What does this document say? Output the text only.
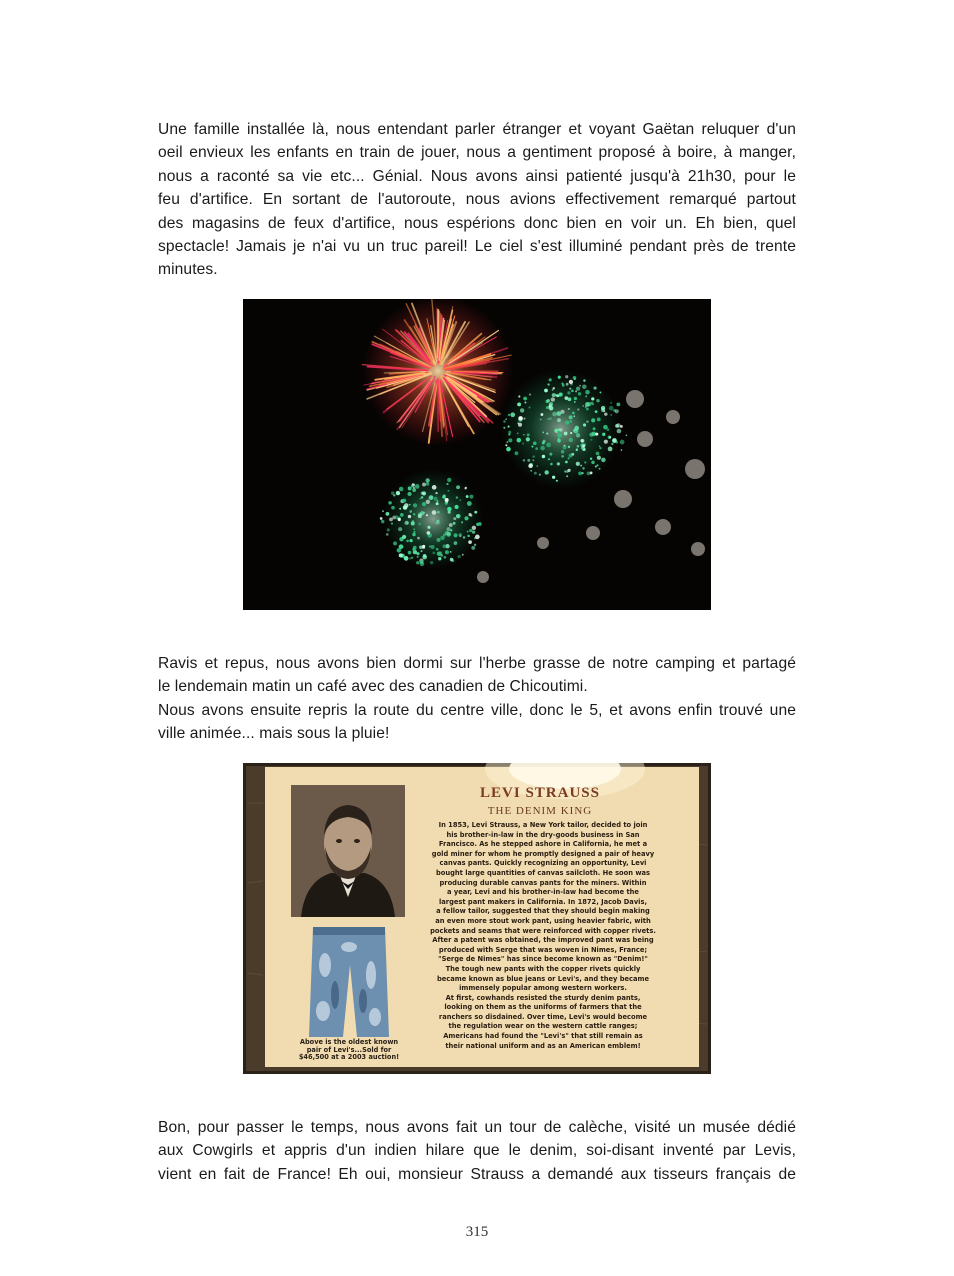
Une famille installée là, nous entendant parler étranger et voyant Gaëtan reluquer d'un
oeil envieux les enfants en train de jouer, nous a gentiment proposé à boire, à manger,
nous a raconté sa vie etc... Génial. Nous avons ainsi patienté jusqu'à 21h30, pour le
feu d'artifice. En sortant de l'autoroute, nous avions effectivement remarqué partout
des magasins de feux d'artifice, nous espérions donc bien en voir un. Eh bien, quel
spectacle! Jamais je n'ai vu un truc pareil! Le ciel s'est illuminé pendant près de trente
minutes.
Ravis et repus, nous avons bien dormi sur l'herbe grasse de notre camping et partagé
le lendemain matin un café avec des canadien de Chicoutimi.
Nous avons ensuite repris la route du centre ville, donc le 5, et avons enfin trouvé une
ville animée... mais sous la pluie!
Above is the oldest known
pair of Levi's...Sold for
$46,500 at a 2003 auction!
LEVI STRAUSS
THE DENIM KING
In 1853, Levi Strauss, a New York tailor, decided to join
his brother-in-law in the dry-goods business in San
Francisco. As he stepped ashore in California, he met a
gold miner for whom he promptly designed a pair of heavy
canvas pants. Quickly recognizing an opportunity, Levi
bought large quantities of canvas sailcloth. He soon was
producing durable canvas pants for the miners. Within
a year, Levi and his brother-in-law had become the
largest pant makers in California. In 1872, Jacob Davis,
a fellow tailor, suggested that they should begin making
an even more stout work pant, using heavier fabric, with
pockets and seams that were reinforced with copper rivets.
After a patent was obtained, the improved pant was being
produced with Serge that was woven in Nimes, France;
"Serge de Nimes" has since become known as "Denim!"
The tough new pants with the copper rivets quickly
became known as blue jeans or Levi's, and they became
immensely popular among western workers.
At first, cowhands resisted the sturdy denim pants,
looking on them as the uniforms of farmers that the
ranchers so disdained. Over time, Levi's would become
the regulation wear on the western cattle ranges;
Americans had found the "Levi's" that still remain as
their national uniform and as an American emblem!
Bon, pour passer le temps, nous avons fait un tour de calèche, visité un musée dédié
aux Cowgirls et appris d'un indien hilare que le denim, soi-disant inventé par Levis,
vient en fait de France! Eh oui, monsieur Strauss a demandé aux tisseurs français de
315
